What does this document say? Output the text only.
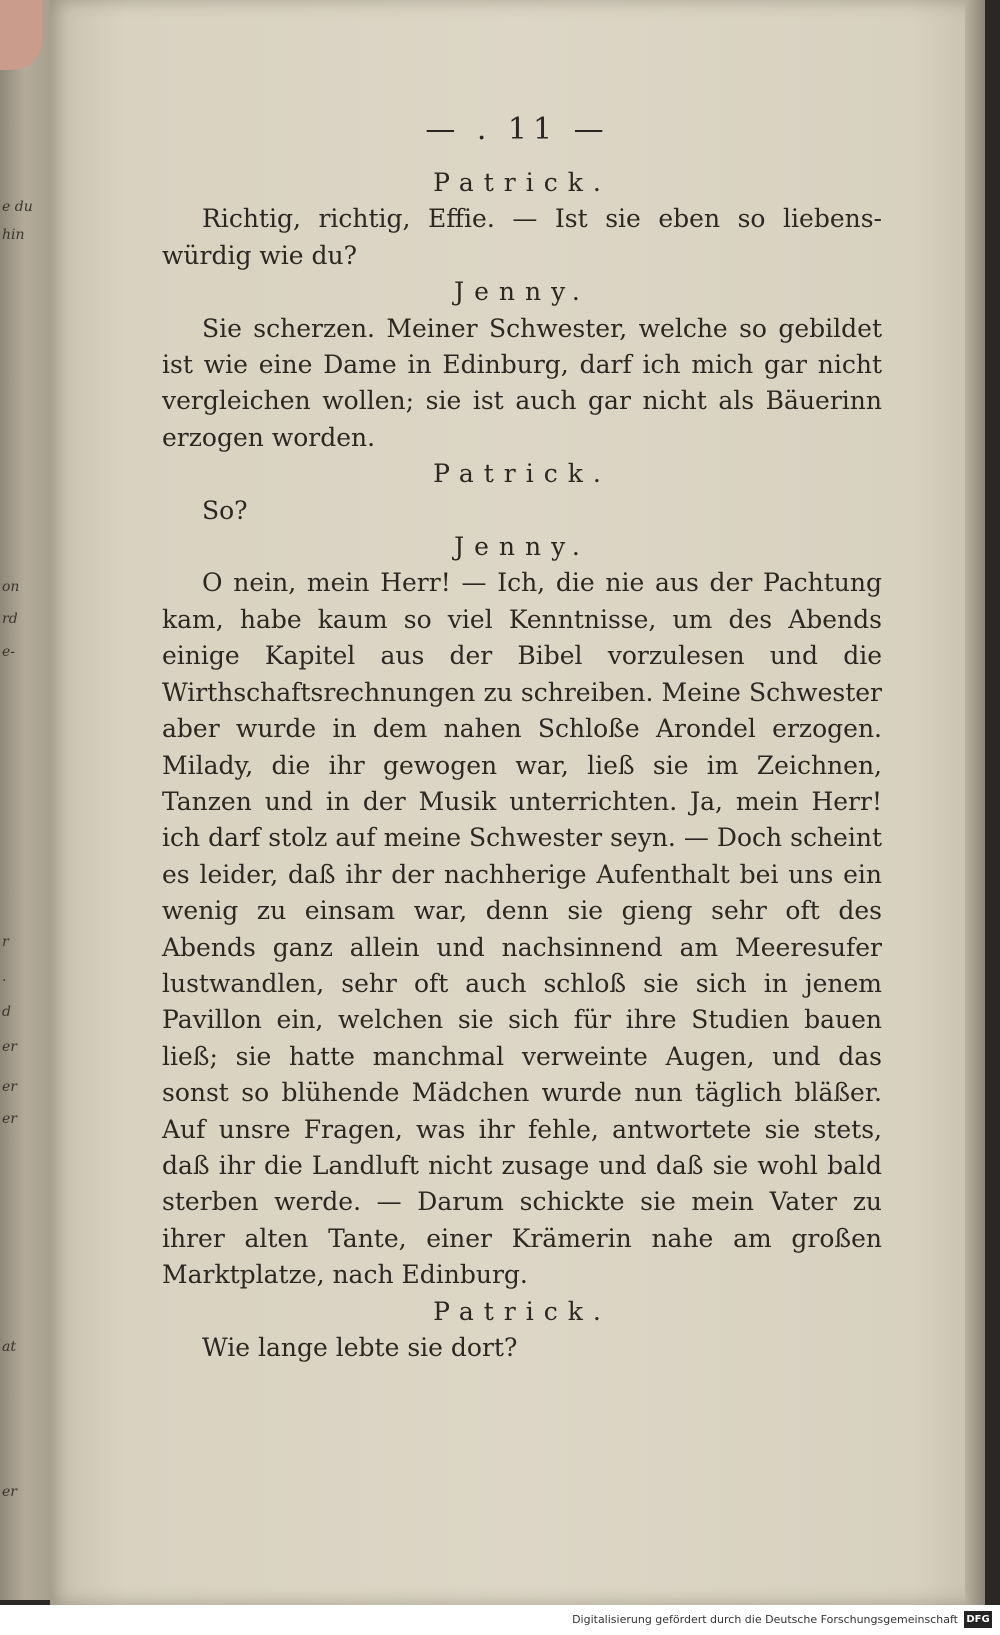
e du
hin
on
rd
e-
r
.
d
er
er
er
at
er
— . 11 —

Patrick.

Richtig, richtig, Effie. — Ist sie eben so liebens-würdig wie du?

Jenny.

Sie scherzen. Meiner Schwester, welche so gebildet ist wie eine Dame in Edinburg, darf ich mich gar nicht vergleichen wollen; sie ist auch gar nicht als Bäuerinn erzogen worden.

Patrick.

So?

Jenny.

O nein, mein Herr! — Ich, die nie aus der Pachtung kam, habe kaum so viel Kenntnisse, um des Abends einige Kapitel aus der Bibel vorzulesen und die Wirthschaftsrechnungen zu schreiben. Meine Schwester aber wurde in dem nahen Schloße Arondel erzogen. Milady, die ihr gewogen war, ließ sie im Zeichnen, Tanzen und in der Musik unterrichten. Ja, mein Herr! ich darf stolz auf meine Schwester seyn. — Doch scheint es leider, daß ihr der nachherige Aufenthalt bei uns ein wenig zu einsam war, denn sie gieng sehr oft des Abends ganz allein und nachsinnend am Meeresufer lustwandlen, sehr oft auch schloß sie sich in jenem Pavillon ein, welchen sie sich für ihre Studien bauen ließ; sie hatte manchmal verweinte Augen, und das sonst so blühende Mädchen wurde nun täglich bläßer. Auf unsre Fragen, was ihr fehle, antwortete sie stets, daß ihr die Landluft nicht zusage und daß sie wohl bald sterben werde. — Darum schickte sie mein Vater zu ihrer alten Tante, einer Krämerin nahe am großen Marktplatze, nach Edinburg.

Patrick.

Wie lange lebte sie dort?

Digitalisierung gefördert durch die Deutsche Forschungsgemeinschaft DFG
